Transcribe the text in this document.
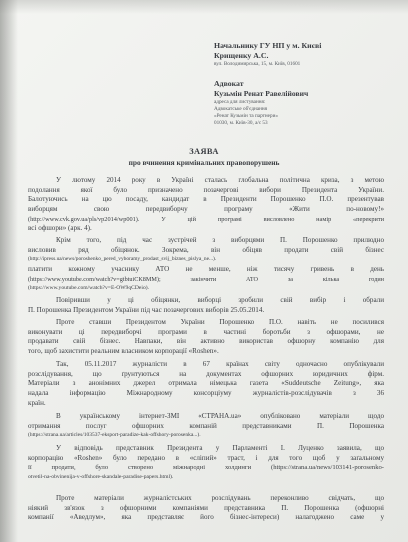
Начальнику ГУ НП у м. Києві
Крищенку А.С.
вул. Володимирська, 15, м. Київ, 01601
Адвокат
Кузьмін Ренат Равелійович
адреса для листування:
Адвокатське об'єднання
«Ренат Кузьмін та партнери»
01030, м. Київ-30, а/с 53
ЗАЯВА
про вчинення кримінальних правопорушень
У лютому 2014 року в Україні сталась глобальна політична криза, з метою
подолання якої було призначено позачергові вибори Президента України.
Балотуючись на цю посаду, кандидат в Президенти Порошенко П.О. презентував
виборцям свою передвиборчу програму «Жити по-новому!»
(http://www.cvk.gov.ua/pls/vp2014/wp001). У цій програмі висловлено намір «перекрити
всі офшори» (арк. 4).
Крім того, під час зустрічей з виборцями П. Порошенко прилюдно
висловив ряд обіцянок. Зокрема, він обіцяв продати свій бізнес
(http://ipress.ua/news/poroshenko_pered_vyboramy_prodast_svij_biznes_pislya_ne...).
платити кожному учаснику АТО не менше, ніж тисячу гривень в день
(https://www.youtube.com/watch?v=gtbtuiCK8MM); закінчити АТО за кілька годин
(https://www.youtube.com/watch?v=E-OW9qCDeio).
Повіривши у ці обіцянки, виборці зробили свій вибір і обрали
П. Порошенка Президентом України під час позачергових виборів 25.05.2014.
Проте ставши Президентом України Порошенко П.О. навіть не посилився
виконувати ці передвиборчі програми в частині боротьби з офшорами, не
продавати свій бізнес. Навпаки, він активно використав офшорну компанію для
того, щоб захистити реальним власником корпорації «Roshen».
Так, 05.11.2017 журналісти в 67 країнах світу одночасно опублікували
розслідування, що ґрунтуються на документах офшорних юридичних фірм.
Матеріали з анонімних джерел отримала німецька газета «Suddeutsche Zeitung», яка
надала інформацію Міжнародному консорціуму журналістів-розслідувачів з 36
країн.
В українському інтернет-ЗМІ «СТРАНА.ua» опубліковано матеріали щодо
отримання послуг офшорних компаній представниками П. Порошенка
(https://strana.ua/articles/103537-eksport-paradize-kak-offshory-porosenka...).
У відповідь представник Президента у Парламенті І. Луценко заявила, що
корпорацію «Roshen» було передано в «сліпий» траст, і для того щоб у заґальному
її продати, було створено міжнародні холдинги (https://strana.ua/news/103141-porosenko-
otvetil-na-obvinenija-v-offshore-skandale-paradise-papers.html).
Проте матеріали журналістських розслідувань переконливо свідчать, що
ніякий зв'язок з офшорними компаніями представника П. Порошенка (офшорні
компанії «Аведлум», яка представляє його бізнес-інтереси) налагоджено саме у
